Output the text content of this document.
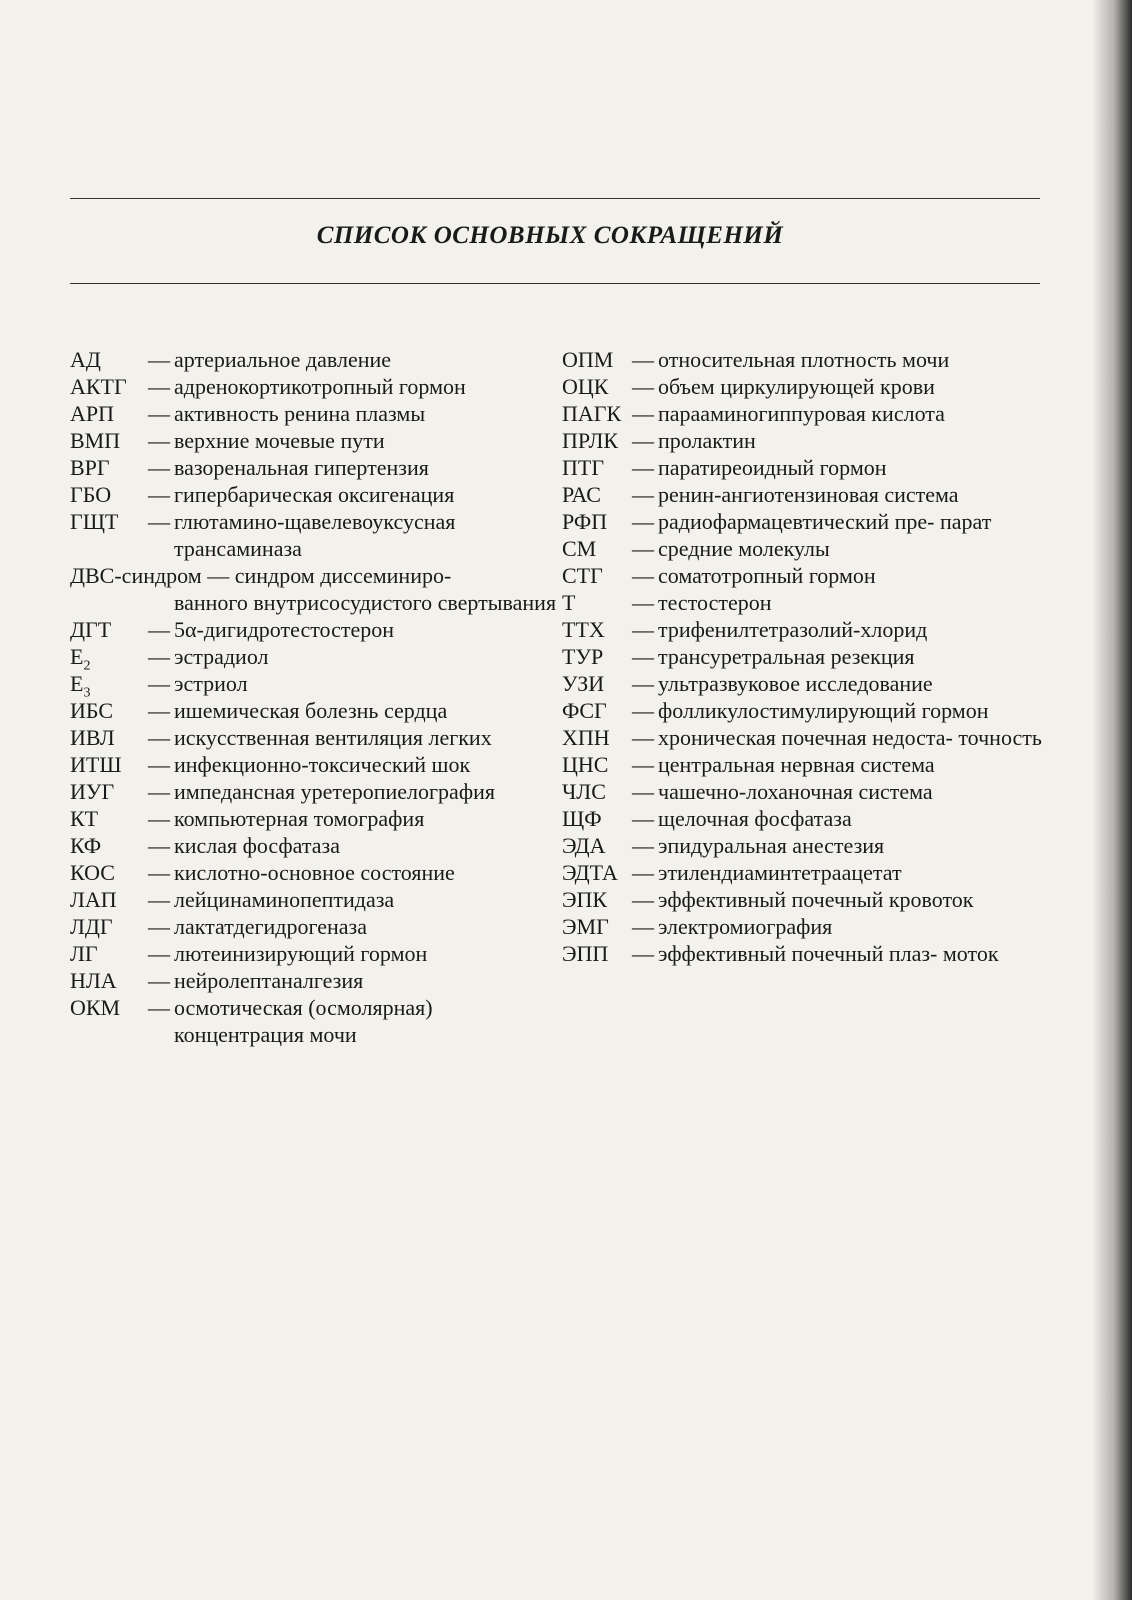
СПИСОК ОСНОВНЫХ СОКРАЩЕНИЙ
АД	— артериальное давление
АКТГ — адренокортикотропный гормон
АРП	— активность ренина плазмы
ВМП	— верхние мочевые пути
ВРГ	— вазоренальная гипертензия
ГБО	— гипербарическая оксигенация
ГЩТ	— глютамино-щавелевоуксусная трансаминаза
ДВС-синдром — синдром диссеминиро-
ванного внутрисосудистого свертывания
ДГТ	— 5α-дигидротестостерон
$E_2$	— эстрадиол
$E_3$	— эстриол
ИБС	— ишемическая болезнь сердца
ИВЛ	— искусственная вентиляция легких
ИТШ	— инфекционно-токсический шок
ИУГ	— импедансная уретеропиелография
КТ	— компьютерная томография
КФ	— кислая фосфатаза
КОС	— кислотно-основное состояние
ЛАП	— лейцинаминопептидаза
ЛДГ	— лактатдегидрогеназа
ЛГ	— лютеинизирующий гормон
НЛА	— нейролептаналгезия
ОКМ	— осмотическая (осмолярная) концентрация мочи
ОПМ — относительная плотность мочи
ОЦК	— объем циркулирующей крови
ПАГК — парааминогиппуровая кислота
ПРЛК — пролактин
ПТГ	— паратиреоидный гормон
РАС	— ренин-ангиотензиновая система
РФП	— радиофармацевтический пре- парат
СМ	— средние молекулы
СТГ	— соматотропный гормон
Т	— тестостерон
ТТХ	— трифенилтетразолий-хлорид
ТУР	— трансуретральная резекция
УЗИ	— ультразвуковое исследование
ФСГ	— фолликулостимулирующий гормон
ХПН	— хроническая почечная недоста- точность
ЦНС	— центральная нервная система
ЧЛС	— чашечно-лоханочная система
ЩФ	— щелочная фосфатаза
ЭДА	— эпидуральная анестезия
ЭДТА — этилендиаминтетраацетат
ЭПК	— эффективный почечный кровоток
ЭМГ	— электромиография
ЭПП	— эффективный почечный плаз- моток
